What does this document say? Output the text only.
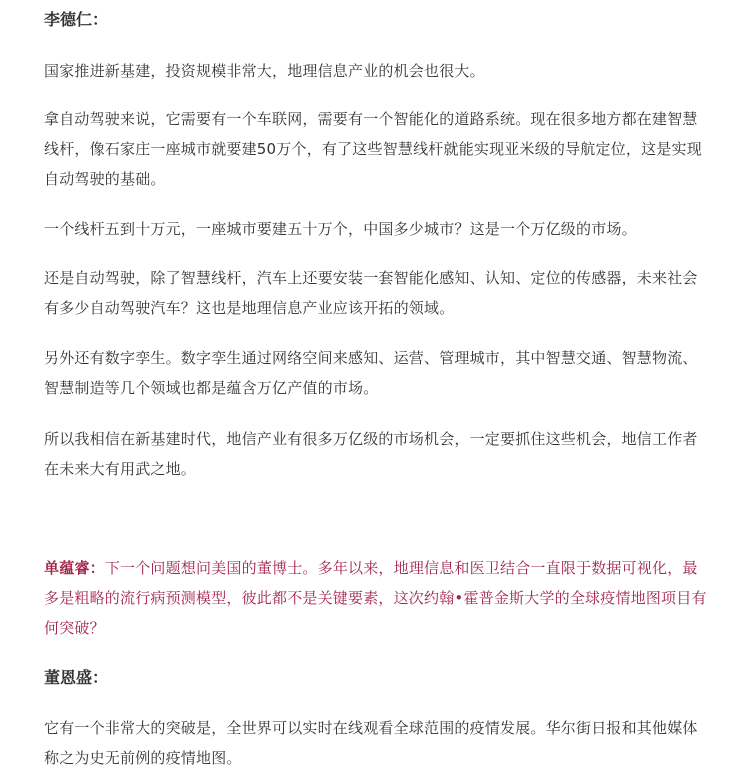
李德仁：

国家推进新基建，投资规模非常大，地理信息产业的机会也很大。

拿自动驾驶来说，它需要有一个车联网，需要有一个智能化的道路系统。现在很多地方都在建智慧线杆，像石家庄一座城市就要建50万个，有了这些智慧线杆就能实现亚米级的导航定位，这是实现自动驾驶的基础。

一个线杆五到十万元，一座城市要建五十万个，中国多少城市？这是一个万亿级的市场。

还是自动驾驶，除了智慧线杆，汽车上还要安装一套智能化感知、认知、定位的传感器，未来社会有多少自动驾驶汽车？这也是地理信息产业应该开拓的领域。

另外还有数字孪生。数字孪生通过网络空间来感知、运营、管理城市，其中智慧交通、智慧物流、智慧制造等几个领域也都是蕴含万亿产值的市场。

所以我相信在新基建时代，地信产业有很多万亿级的市场机会，一定要抓住这些机会，地信工作者在未来大有用武之地。

单蕴睿：下一个问题想问美国的董博士。多年以来，地理信息和医卫结合一直限于数据可视化，最多是粗略的流行病预测模型，彼此都不是关键要素，这次约翰•霍普金斯大学的全球疫情地图项目有何突破？

董恩盛：

它有一个非常大的突破是，全世界可以实时在线观看全球范围的疫情发展。华尔街日报和其他媒体称之为史无前例的疫情地图。
